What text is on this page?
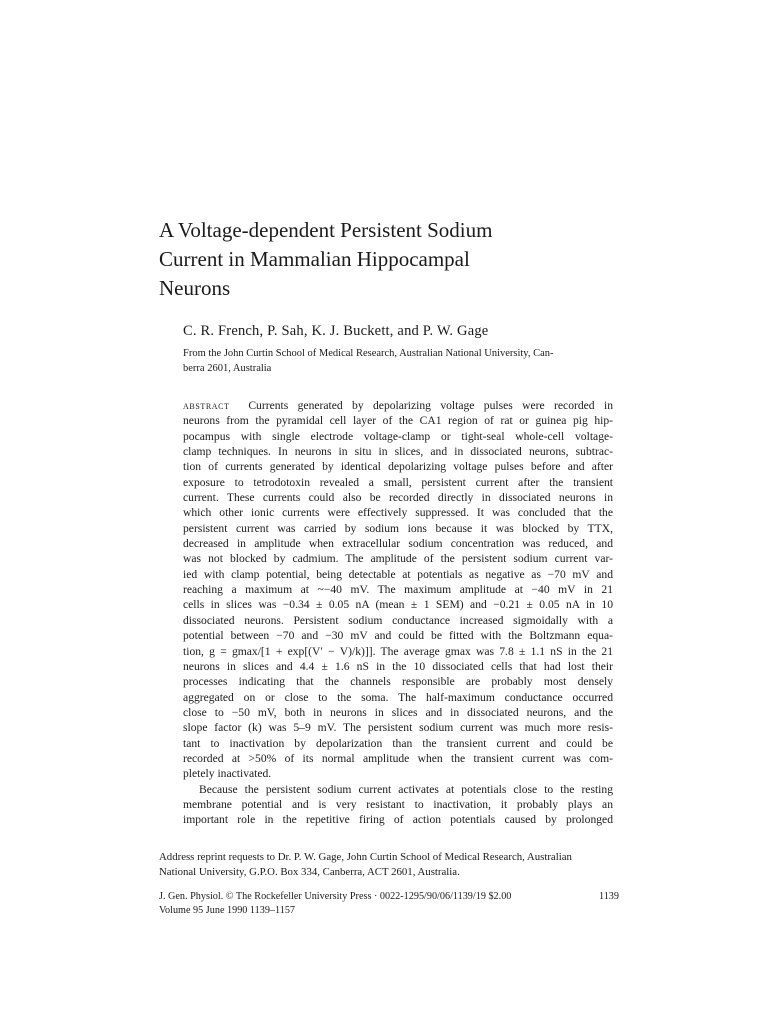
A Voltage-dependent Persistent Sodium
Current in Mammalian Hippocampal
Neurons
C. R. French, P. Sah, K. J. Buckett, and P. W. Gage
From the John Curtin School of Medical Research, Australian National University, Can-
berra 2601, Australia
abstract Currents generated by depolarizing voltage pulses were recorded in
neurons from the pyramidal cell layer of the CA1 region of rat or guinea pig hip-
pocampus with single electrode voltage-clamp or tight-seal whole-cell voltage-
clamp techniques. In neurons in situ in slices, and in dissociated neurons, subtrac-
tion of currents generated by identical depolarizing voltage pulses before and after
exposure to tetrodotoxin revealed a small, persistent current after the transient
current. These currents could also be recorded directly in dissociated neurons in
which other ionic currents were effectively suppressed. It was concluded that the
persistent current was carried by sodium ions because it was blocked by TTX,
decreased in amplitude when extracellular sodium concentration was reduced, and
was not blocked by cadmium. The amplitude of the persistent sodium current var-
ied with clamp potential, being detectable at potentials as negative as −70 mV and
reaching a maximum at ~−40 mV. The maximum amplitude at −40 mV in 21
cells in slices was −0.34 ± 0.05 nA (mean ± 1 SEM) and −0.21 ± 0.05 nA in 10
dissociated neurons. Persistent sodium conductance increased sigmoidally with a
potential between −70 and −30 mV and could be fitted with the Boltzmann equa-
tion, g = gmax/[1 + exp[(V′ − V)/k)]]. The average gmax was 7.8 ± 1.1 nS in the 21
neurons in slices and 4.4 ± 1.6 nS in the 10 dissociated cells that had lost their
processes indicating that the channels responsible are probably most densely
aggregated on or close to the soma. The half-maximum conductance occurred
close to −50 mV, both in neurons in slices and in dissociated neurons, and the
slope factor (k) was 5–9 mV. The persistent sodium current was much more resis-
tant to inactivation by depolarization than the transient current and could be
recorded at >50% of its normal amplitude when the transient current was com-
pletely inactivated.
Because the persistent sodium current activates at potentials close to the resting
membrane potential and is very resistant to inactivation, it probably plays an
important role in the repetitive firing of action potentials caused by prolonged
Address reprint requests to Dr. P. W. Gage, John Curtin School of Medical Research, Australian
National University, G.P.O. Box 334, Canberra, ACT 2601, Australia.
J. Gen. Physiol. © The Rockefeller University Press · 0022-1295/90/06/1139/19 $2.00	1139
Volume 95 June 1990 1139–1157
